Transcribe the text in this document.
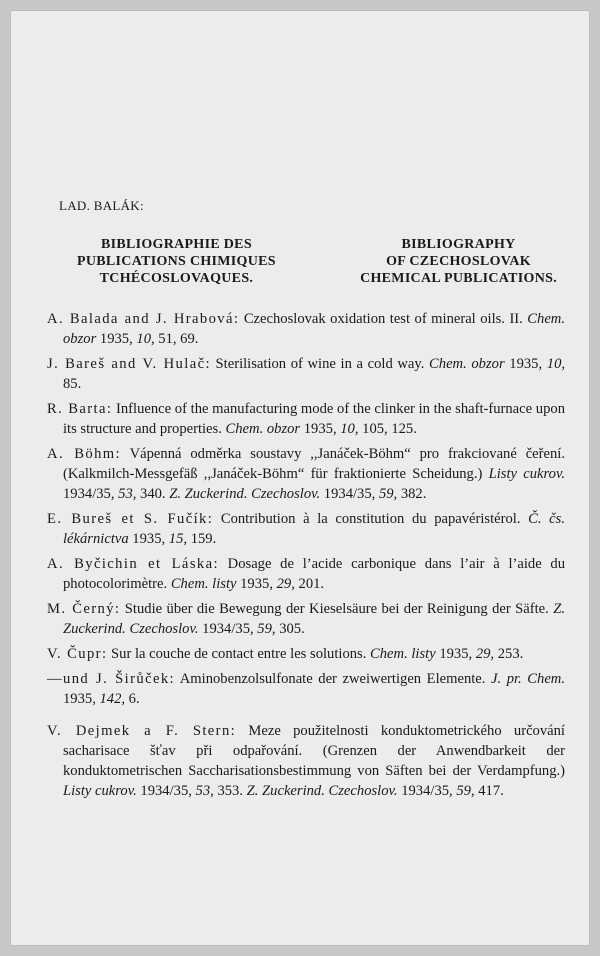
LAD. BALÁK:
BIBLIOGRAPHIE DES
PUBLICATIONS CHIMIQUES
TCHÉCOSLOVAQUES.
BIBLIOGRAPHY
OF CZECHOSLOVAK
CHEMICAL PUBLICATIONS.

A. Balada and J. Hrabová: Czechoslovak oxidation test of mineral oils. II. Chem. obzor 1935, 10, 51, 69.

J. Bareš and V. Hulač: Sterilisation of wine in a cold way. Chem. obzor 1935, 10, 85.

R. Barta: Influence of the manufacturing mode of the clinker in the shaft-furnace upon its structure and properties. Chem. obzor 1935, 10, 105, 125.

A. Böhm: Vápenná odměrka soustavy ,,Janáček-Böhm“ pro frakciované čeření. (Kalkmilch-Messgefäß ,,Janáček-Böhm“ für fraktionierte Scheidung.) Listy cukrov. 1934/35, 53, 340. Z. Zuckerind. Czechoslov. 1934/35, 59, 382.

E. Bureš et S. Fučík: Contribution à la constitution du papavéristérol. Č. čs. lékárnictva 1935, 15, 159.

A. Byčichin et Láska: Dosage de l’acide carbonique dans l’air à l’aide du photocolorimètre. Chem. listy 1935, 29, 201.

M. Černý: Studie über die Bewegung der Kieselsäure bei der Reinigung der Säfte. Z. Zuckerind. Czechoslov. 1934/35, 59, 305.

V. Čupr: Sur la couche de contact entre les solutions. Chem. listy 1935, 29, 253.

—und J. Širůček: Aminobenzolsulfonate der zweiwertigen Elemente. J. pr. Chem. 1935, 142, 6.

V. Dejmek a F. Stern: Meze použitelnosti konduktometrického určování sacharisace šťav při odpařování. (Grenzen der Anwendbarkeit der konduktometrischen Saccharisationsbestimmung von Säften bei der Verdampfung.) Listy cukrov. 1934/35, 53, 353. Z. Zuckerind. Czechoslov. 1934/35, 59, 417.
